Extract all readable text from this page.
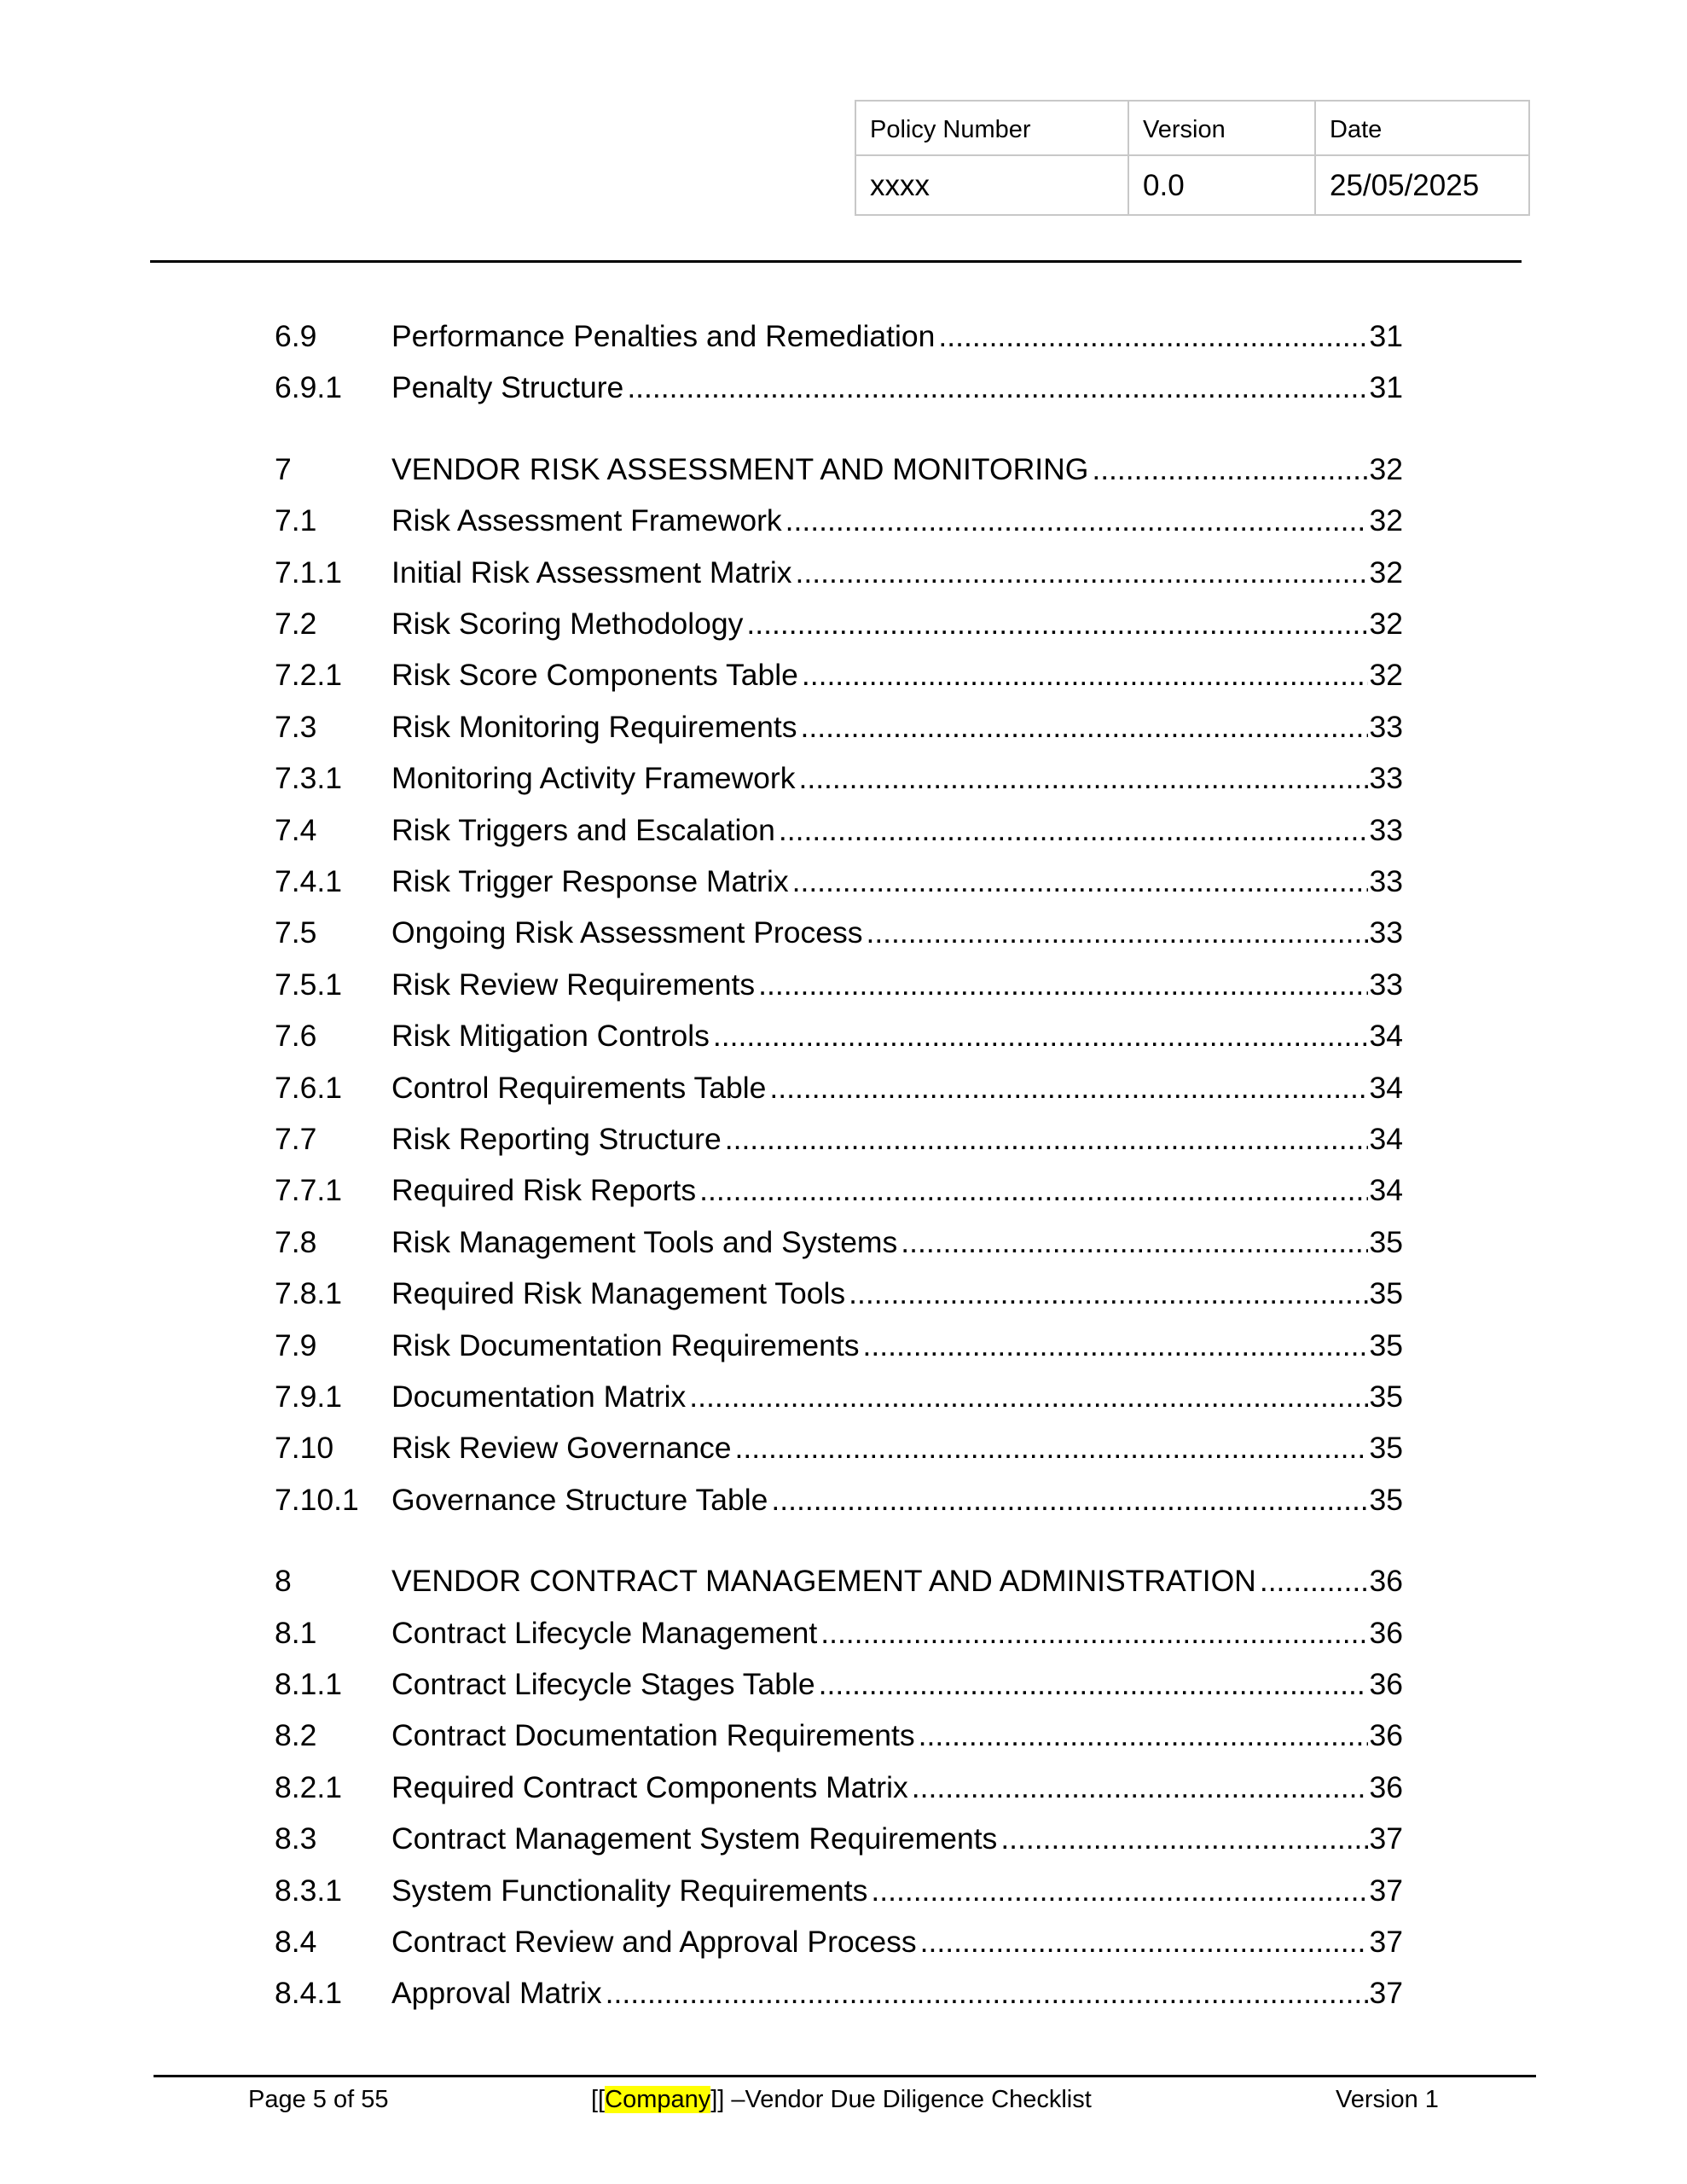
Policy Number	Version	Date
xxxx	0.0	25/05/2025
6.9	Performance Penalties and Remediation .....	31
6.9.1	Penalty Structure .....	31
7	VENDOR RISK ASSESSMENT AND MONITORING .....	32
7.1	Risk Assessment Framework .....	32
7.1.1	Initial Risk Assessment Matrix .....	32
7.2	Risk Scoring Methodology .....	32
7.2.1	Risk Score Components Table .....	32
7.3	Risk Monitoring Requirements .....	33
7.3.1	Monitoring Activity Framework .....	33
7.4	Risk Triggers and Escalation .....	33
7.4.1	Risk Trigger Response Matrix .....	33
7.5	Ongoing Risk Assessment Process .....	33
7.5.1	Risk Review Requirements .....	33
7.6	Risk Mitigation Controls .....	34
7.6.1	Control Requirements Table .....	34
7.7	Risk Reporting Structure .....	34
7.7.1	Required Risk Reports .....	34
7.8	Risk Management Tools and Systems .....	35
7.8.1	Required Risk Management Tools .....	35
7.9	Risk Documentation Requirements .....	35
7.9.1	Documentation Matrix .....	35
7.10	Risk Review Governance .....	35
7.10.1	Governance Structure Table .....	35
8	VENDOR CONTRACT MANAGEMENT AND ADMINISTRATION .....	36
8.1	Contract Lifecycle Management .....	36
8.1.1	Contract Lifecycle Stages Table .....	36
8.2	Contract Documentation Requirements .....	36
8.2.1	Required Contract Components Matrix .....	36
8.3	Contract Management System Requirements .....	37
8.3.1	System Functionality Requirements .....	37
8.4	Contract Review and Approval Process .....	37
8.4.1	Approval Matrix .....	37
Page 5 of 55	[[Company]] –Vendor Due Diligence Checklist	Version 1
